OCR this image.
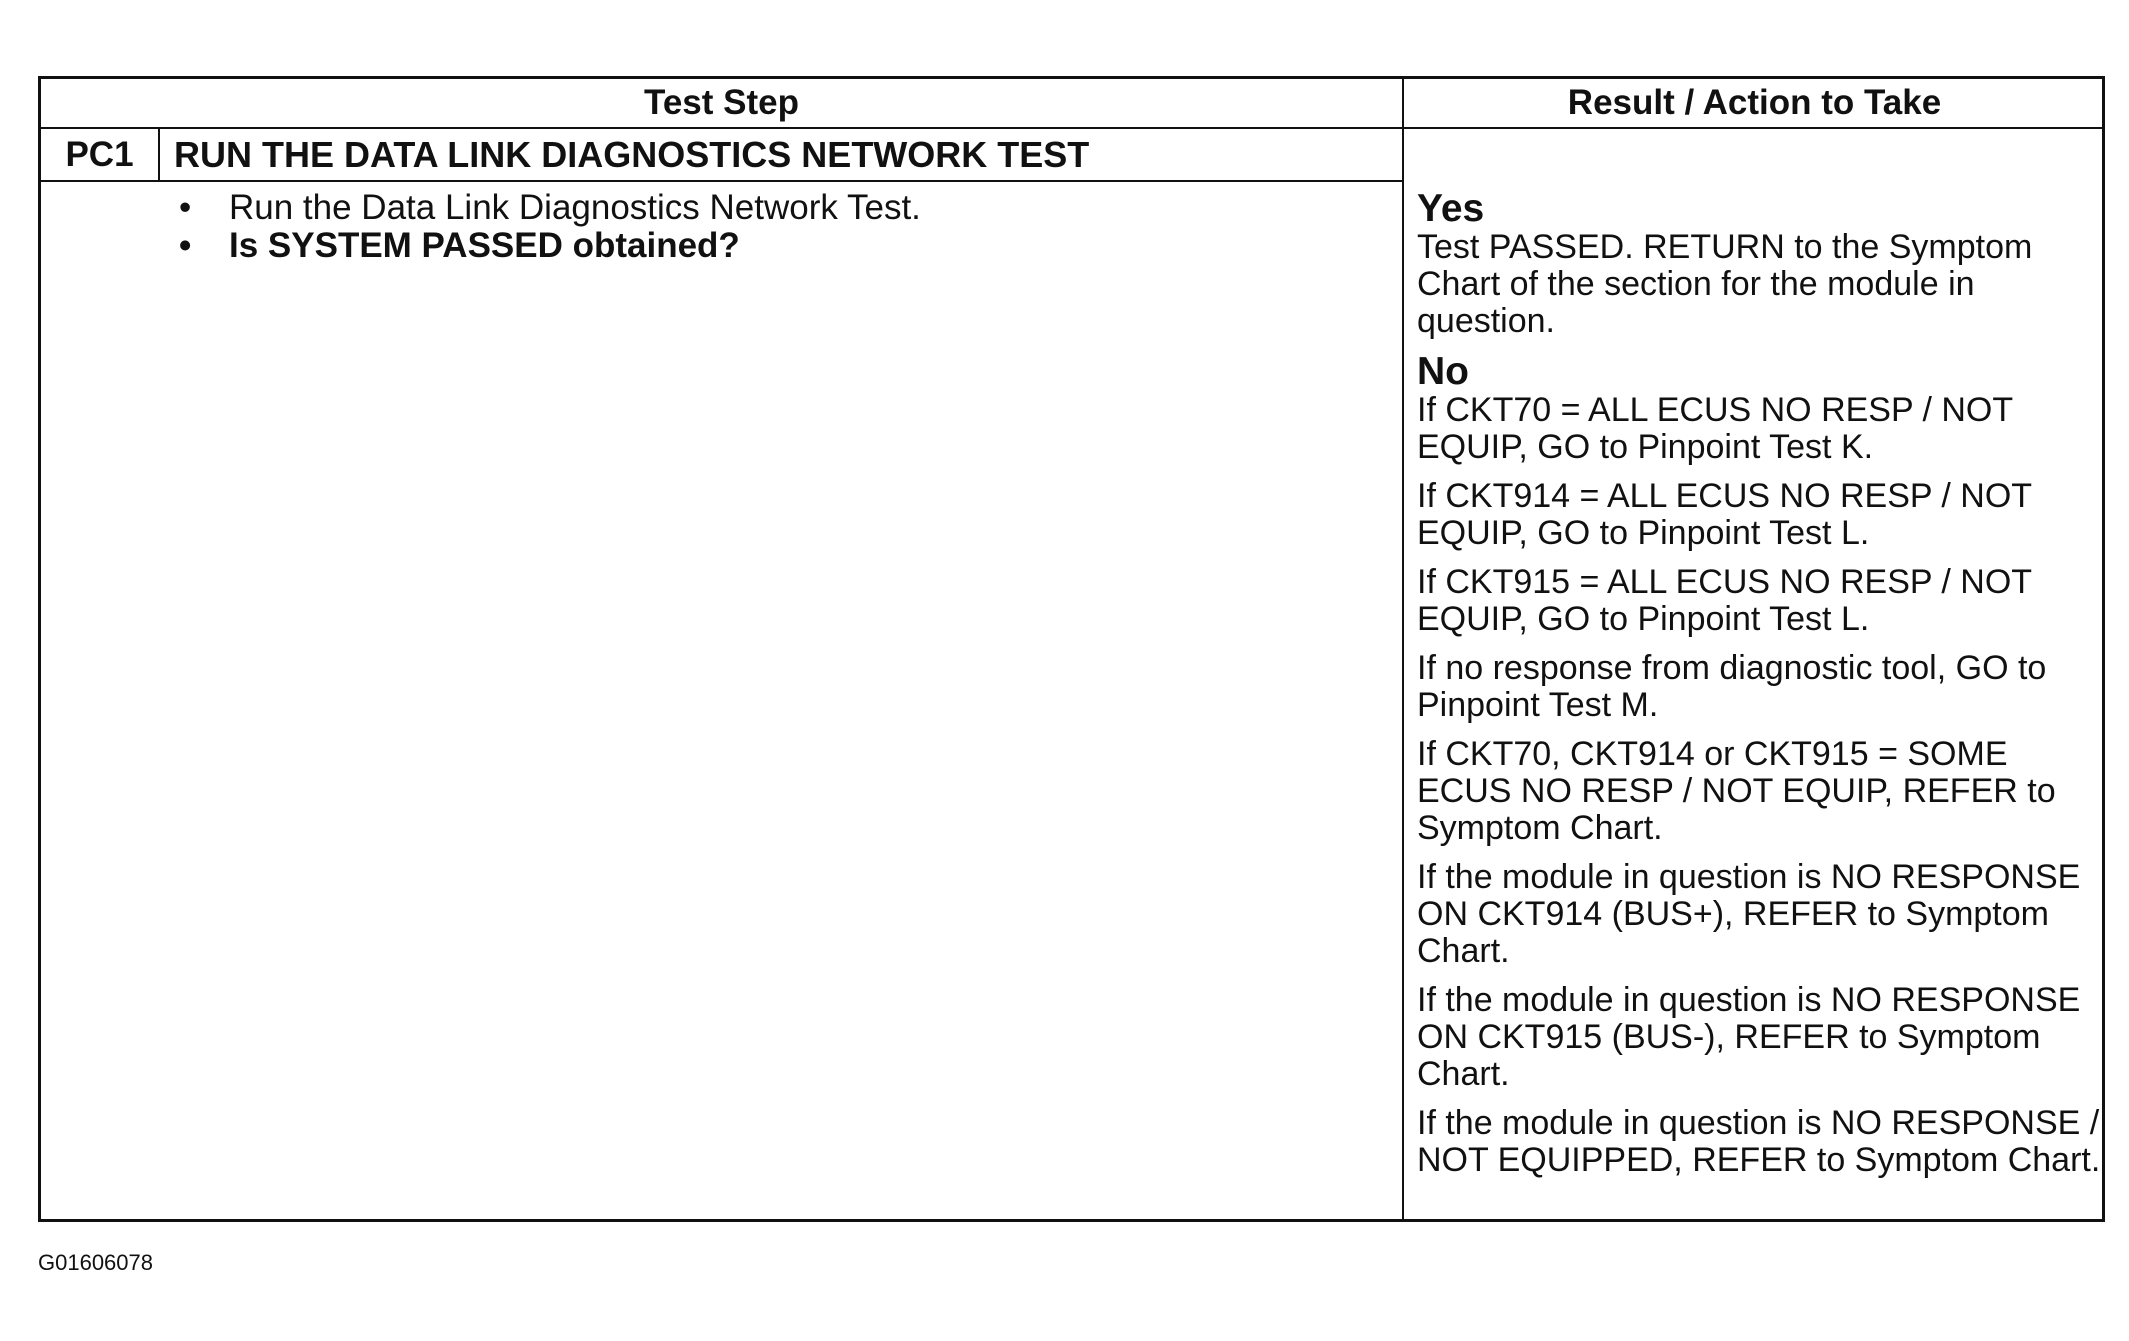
Test Step	Result / Action to Take
PC1	RUN THE DATA LINK DIAGNOSTICS NETWORK TEST
• Run the Data Link Diagnostics Network Test.
• Is SYSTEM PASSED obtained?
Yes

Test PASSED. RETURN to the Symptom Chart of the section for the module in question.

No

If CKT70 = ALL ECUS NO RESP / NOT EQUIP, GO to Pinpoint Test K.

If CKT914 = ALL ECUS NO RESP / NOT EQUIP, GO to Pinpoint Test L.

If CKT915 = ALL ECUS NO RESP / NOT EQUIP, GO to Pinpoint Test L.

If no response from diagnostic tool, GO to Pinpoint Test M.

If CKT70, CKT914 or CKT915 = SOME ECUS NO RESP / NOT EQUIP, REFER to Symptom Chart.

If the module in question is NO RESPONSE ON CKT914 (BUS+), REFER to Symptom Chart.

If the module in question is NO RESPONSE ON CKT915 (BUS-), REFER to Symptom Chart.

If the module in question is NO RESPONSE / NOT EQUIPPED, REFER to Symptom Chart.

G01606078
